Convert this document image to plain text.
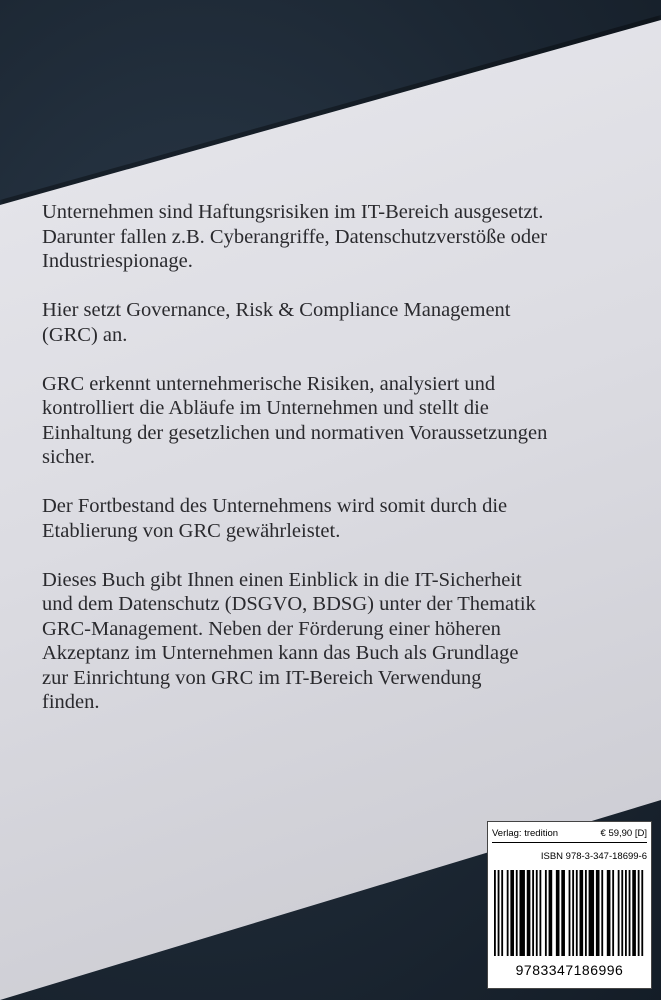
Unternehmen sind Haftungsrisiken im IT-Bereich ausgesetzt.
Darunter fallen z.B. Cyberangriffe, Datenschutzverstöße oder
Industriespionage.

Hier setzt Governance, Risk & Compliance Management
(GRC) an.

GRC erkennt unternehmerische Risiken, analysiert und
kontrolliert die Abläufe im Unternehmen und stellt die
Einhaltung der gesetzlichen und normativen Voraussetzungen
sicher.

Der Fortbestand des Unternehmens wird somit durch die
Etablierung von GRC gewährleistet.

Dieses Buch gibt Ihnen einen Einblick in die IT-Sicherheit
und dem Datenschutz (DSGVO, BDSG) unter der Thematik
GRC-Management. Neben der Förderung einer höheren
Akzeptanz im Unternehmen kann das Buch als Grundlage
zur Einrichtung von GRC im IT-Bereich Verwendung
finden.

Verlag: tredition	€ 59,90 [D]
ISBN 978-3-347-18699-6
9783347186996
